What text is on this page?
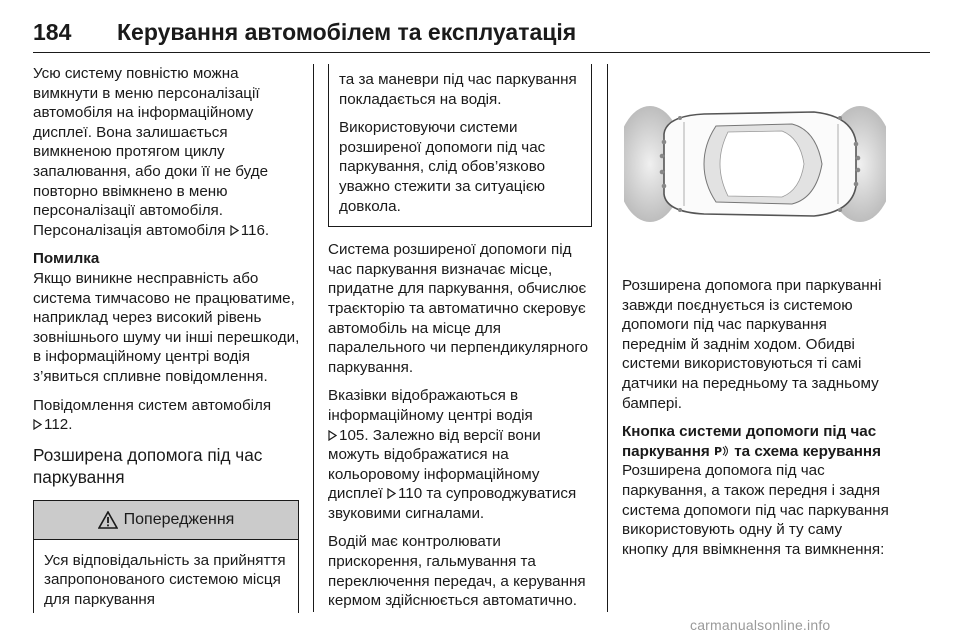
184	Керування автомобілем та експлуатація

Усю систему повністю можна вимкнути в меню персоналізації автомобіля на інформаційному дисплеї. Вона залишається вимкненою протягом циклу запалювання, або доки її не буде повторно ввімкнено в меню персоналізації автомобіля. Персоналізація автомобіля 116.

Помилка

Якщо виникне несправність або система тимчасово не працюватиме, наприклад через високий рівень зовнішнього шуму чи інші перешкоди, в інформаційному центрі водія з’явиться спливне повідомлення.

Повідомлення систем автомобіля
112.

Розширена допомога під час паркування
Попередження
Уся відповідальність за прийняття запропонованого системою місця для паркування

та за маневри під час паркування покладається на водія.

Використовуючи системи розширеної допомоги під час паркування, слід обов’язково уважно стежити за ситуацією довкола.

Система розширеної допомоги під час паркування визначає місце, придатне для паркування, обчислює траєкторію та автоматично скеровує автомобіль на місце для паралельного чи перпендикулярного паркування.

Вказівки відображаються в інформаційному центрі водія
105. Залежно від версії вони можуть відображатися на кольоровому інформаційному дисплеї 110 та супроводжуватися звуковими сигналами.

Водій має контролювати прискорення, гальмування та переключення передач, а керування кермом здійснюється автоматично.

Розширена допомога при паркуванні завжди поєднується із системою допомоги під час паркування переднім й заднім ходом. Обидві системи використовуються ті самі датчики на передньому та задньому бампері.

Кнопка системи допомоги під час паркування P та схема керування

Розширена допомога під час паркування, а також передня і задня система допомоги під час паркування використовують одну й ту саму кнопку для ввімкнення та вимкнення:

carmanualsonline.info
